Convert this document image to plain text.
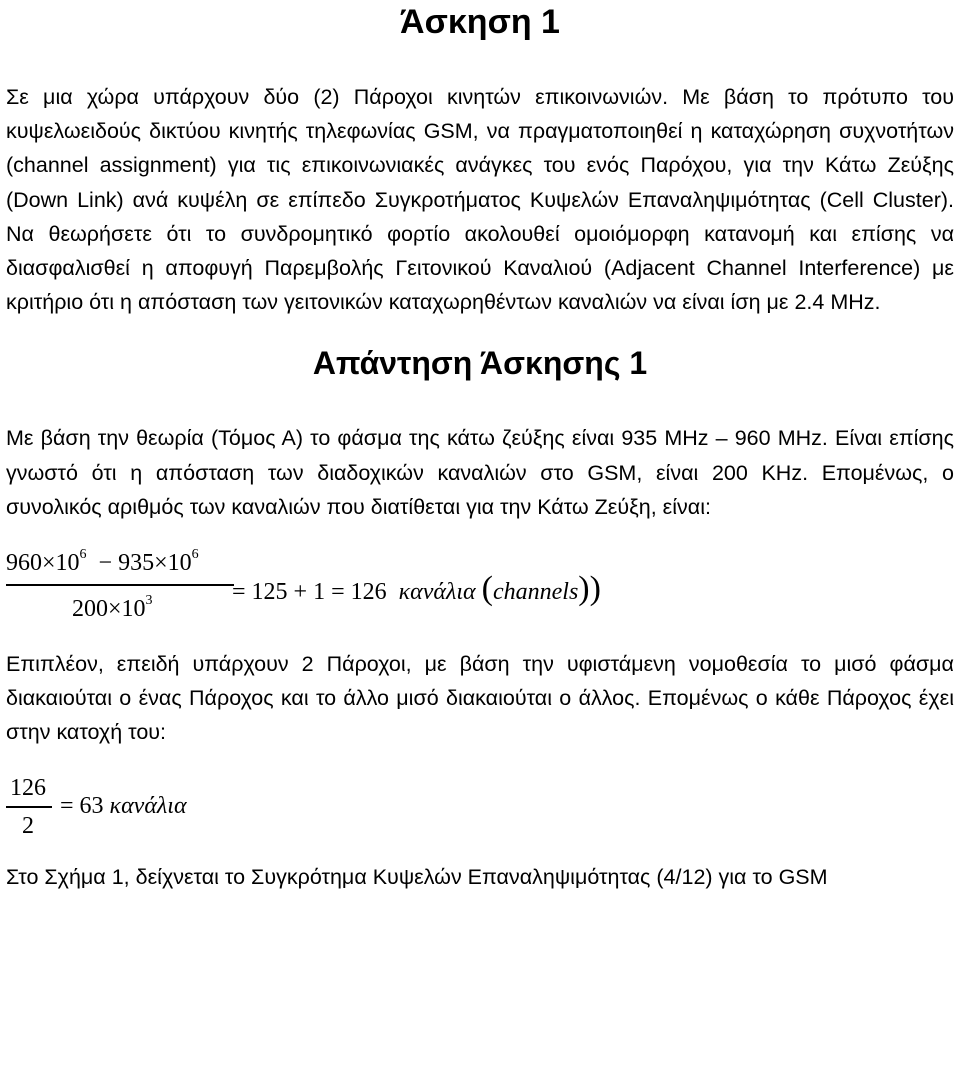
Άσκηση 1

Σε μια χώρα υπάρχουν δύο (2) Πάροχοι κινητών επικοινωνιών. Με βάση το πρότυπο του κυψελωειδούς δικτύου κινητής τηλεφωνίας GSM, να πραγματοποιηθεί η καταχώρηση συχνοτήτων (channel assignment) για τις επικοινωνιακές ανάγκες του ενός Παρόχου, για την Κάτω Ζεύξης (Down Link) ανά κυψέλη σε επίπεδο Συγκροτήματος Κυψελών Επαναληψιμότητας (Cell Cluster). Να θεωρήσετε ότι το συνδρομητικό φορτίο ακολουθεί ομοιόμορφη κατανομή και επίσης να διασφαλισθεί η αποφυγή Παρεμβολής Γειτονικού Καναλιού (Adjacent Channel Interference) με κριτήριο ότι η απόσταση των γειτονικών καταχωρηθέντων καναλιών να είναι ίση με 2.4 MHz.

Απάντηση Άσκησης 1

Με βάση την θεωρία (Τόμος Α) το φάσμα της κάτω ζεύξης είναι 935 MHz – 960 MHz. Είναι επίσης γνωστό ότι η απόσταση των διαδοχικών καναλιών στο GSM, είναι 200 KHz. Επομένως, ο συνολικός αριθμός των καναλιών που διατίθεται για την Κάτω Ζεύξη, είναι:

$960\times 10^6 - 935\times 10^6$
$200\times 10^3$	= 125 + 1 = 126 κανάλια (channels))

Επιπλέον, επειδή υπάρχουν 2 Πάροχοι, με βάση την υφιστάμενη νομοθεσία το μισό φάσμα διακαιούται ο ένας Πάροχος και το άλλο μισό διακαιούται ο άλλος. Επομένως ο κάθε Πάροχος έχει στην κατοχή του:

126
2
= 63 κανάλια

Στο Σχήμα 1, δείχνεται το Συγκρότημα Κυψελών Επαναληψιμότητας (4/12) για το GSM
